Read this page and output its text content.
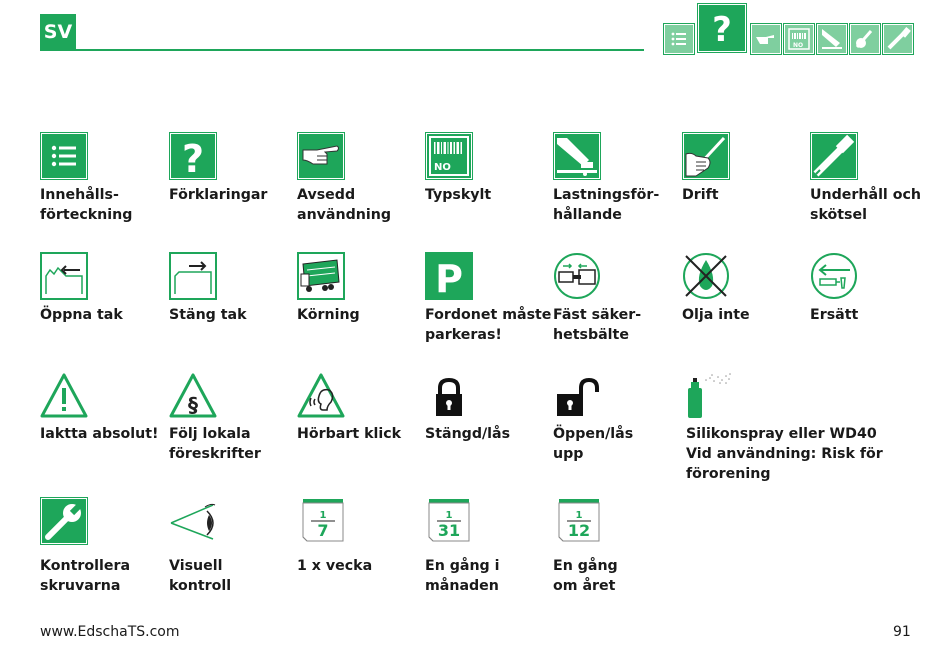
SV	?	NO
Innehålls-
förteckning
?
Förklaringar Avsedd
användning
NO
Typskylt	Lastningsför-
hållande
Drift	Underhåll och
skötsel
Öppna tak	Stäng tak	Körning
P
Fordonet måste
parkeras!
Fäst säker-
hetsbälte
Olja inte	Ersätt
Iaktta absolut!
§
Följ lokala
föreskrifter
Hörbart klick Stängd/lås	Öppen/lås
upp
Silikonspray eller WD40
Vid användning: Risk för
förorening
Kontrollera
skruvarna
Visuell
kontroll
1
7
1 x vecka
1
31
En gång i
månaden
1
12
En gång
om året
www.EdschaTS.com	91
